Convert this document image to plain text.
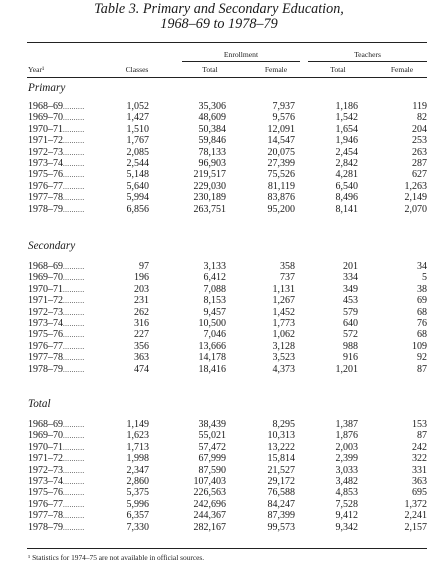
Table 3. Primary and Secondary Education,
1968–69 to 1978–79
Enrollment	Teachers
Year¹	Classes	Total	Female	Total	Female
Primary
1968–69..........	1,052	35,306	7,937	1,186	119
1969–70..........	1,427	48,609	9,576	1,542	82
1970–71..........	1,510	50,384	12,091	1,654	204
1971–72..........	1,767	59,846	14,547	1,946	253
1972–73..........	2,085	78,133	20,075	2,454	263
1973–74..........	2,544	96,903	27,399	2,842	287
1975–76..........	5,148	219,517	75,526	4,281	627
1976–77..........	5,640	229,030	81,119	6,540	1,263
1977–78..........	5,994	230,189	83,876	8,496	2,149
1978–79..........	6,856	263,751	95,200	8,141	2,070
Secondary
1968–69..........	97	3,133	358	201	34
1969–70..........	196	6,412	737	334	5
1970–71..........	203	7,088	1,131	349	38
1971–72..........	231	8,153	1,267	453	69
1972–73..........	262	9,457	1,452	579	68
1973–74..........	316	10,500	1,773	640	76
1975–76..........	227	7,046	1,062	572	68
1976–77..........	356	13,666	3,128	988	109
1977–78..........	363	14,178	3,523	916	92
1978–79..........	474	18,416	4,373	1,201	87
Total
1968–69..........	1,149	38,439	8,295	1,387	153
1969–70..........	1,623	55,021	10,313	1,876	87
1970–71..........	1,713	57,472	13,222	2,003	242
1971–72..........	1,998	67,999	15,814	2,399	322
1972–73..........	2,347	87,590	21,527	3,033	331
1973–74..........	2,860	107,403	29,172	3,482	363
1975–76..........	5,375	226,563	76,588	4,853	695
1976–77..........	5,996	242,696	84,247	7,528	1,372
1977–78..........	6,357	244,367	87,399	9,412	2,241
1978–79..........	7,330	282,167	99,573	9,342	2,157
¹ Statistics for 1974–75 are not available in official sources.
